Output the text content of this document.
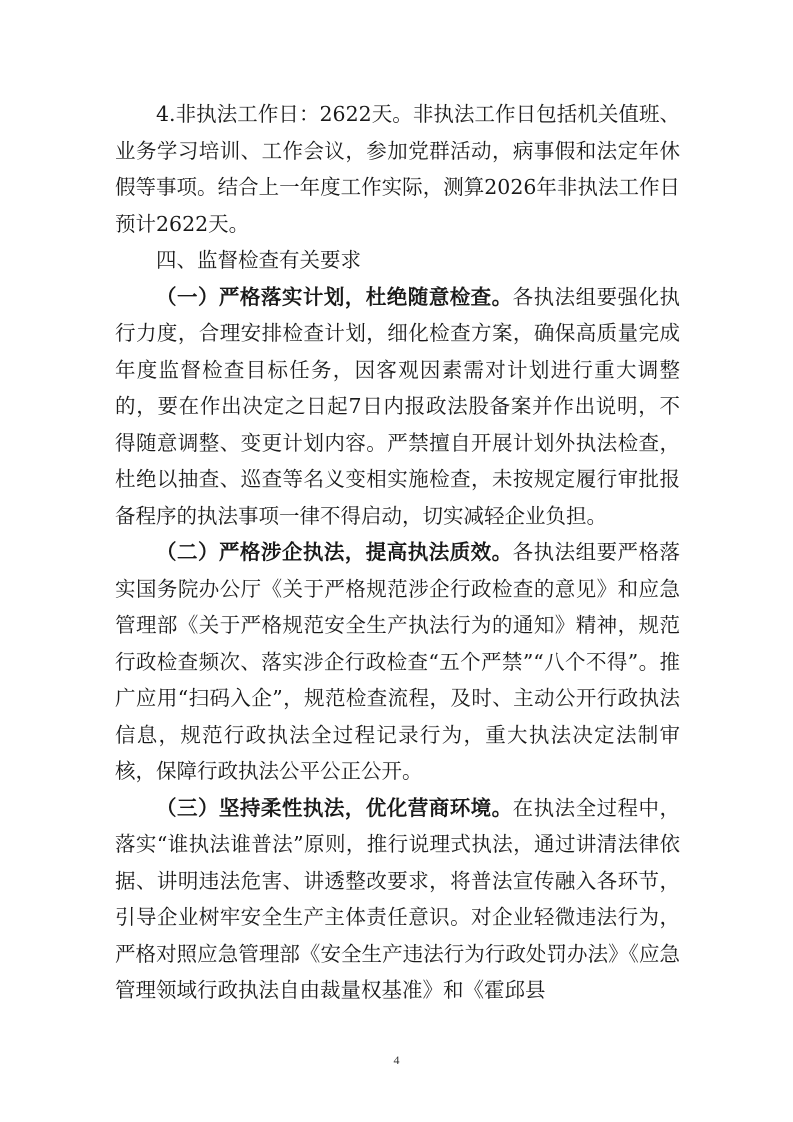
4.非执法工作日：2622天。非执法工作日包括机关值班、业务学习培训、工作会议，参加党群活动，病事假和法定年休假等事项。结合上一年度工作实际，测算2026年非执法工作日预计2622天。

四、监督检查有关要求

（一）严格落实计划，杜绝随意检查。各执法组要强化执行力度，合理安排检查计划，细化检查方案，确保高质量完成年度监督检查目标任务，因客观因素需对计划进行重大调整的，要在作出决定之日起7日内报政法股备案并作出说明，不得随意调整、变更计划内容。严禁擅自开展计划外执法检查，杜绝以抽查、巡查等名义变相实施检查，未按规定履行审批报备程序的执法事项一律不得启动，切实减轻企业负担。

（二）严格涉企执法，提高执法质效。各执法组要严格落实国务院办公厅《关于严格规范涉企行政检查的意见》和应急管理部《关于严格规范安全生产执法行为的通知》精神，规范行政检查频次、落实涉企行政检查“五个严禁”“八个不得”。推广应用“扫码入企”，规范检查流程，及时、主动公开行政执法信息，规范行政执法全过程记录行为，重大执法决定法制审核，保障行政执法公平公正公开。

（三）坚持柔性执法，优化营商环境。在执法全过程中，落实“谁执法谁普法”原则，推行说理式执法，通过讲清法律依据、讲明违法危害、讲透整改要求，将普法宣传融入各环节，引导企业树牢安全生产主体责任意识。对企业轻微违法行为，严格对照应急管理部《安全生产违法行为行政处罚办法》《应急管理领域行政执法自由裁量权基准》和《霍邱县

4
